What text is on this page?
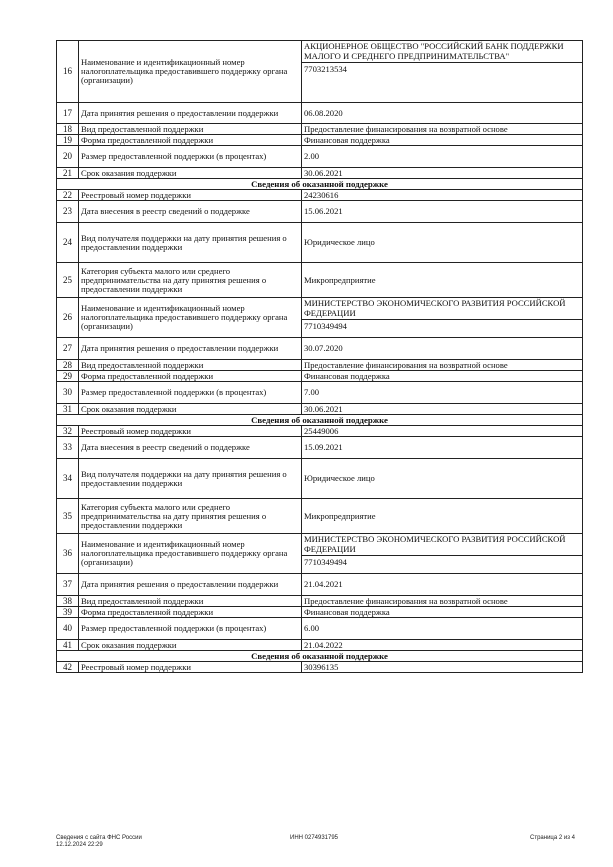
16	Наименование и идентификационный номер налогоплательщика предоставившего поддержку органа (организации)	АКЦИОНЕРНОЕ ОБЩЕСТВО "РОССИЙСКИЙ БАНК ПОДДЕРЖКИ МАЛОГО И СРЕДНЕГО ПРЕДПРИНИМАТЕЛЬСТВА"
7703213534

17	Дата принятия решения о предоставлении поддержки	06.08.2020
18	Вид предоставленной поддержки	Предоставление финансирования на возвратной основе
19	Форма предоставленной поддержки	Финансовая поддержка
20	Размер предоставленной поддержки (в процентах)	2.00
21	Срок оказания поддержки	30.06.2021
Сведения об оказанной поддержке		
22	Реестровый номер поддержки	24230616
23	Дата внесения в реестр сведений о поддержке	15.06.2021
24	Вид получателя поддержки на дату принятия решения о предоставлении поддержки	Юридическое лицо
25	Категория субъекта малого или среднего предпринимательства на дату принятия решения о предоставлении поддержки	Микропредприятие
26	Наименование и идентификационный номер налогоплательщика предоставившего поддержку органа (организации)	МИНИСТЕРСТВО ЭКОНОМИЧЕСКОГО РАЗВИТИЯ РОССИЙСКОЙ ФЕДЕРАЦИИ
7710349494

27	Дата принятия решения о предоставлении поддержки	30.07.2020
28	Вид предоставленной поддержки	Предоставление финансирования на возвратной основе
29	Форма предоставленной поддержки	Финансовая поддержка
30	Размер предоставленной поддержки (в процентах)	7.00
31	Срок оказания поддержки	30.06.2021
Сведения об оказанной поддержке		
32	Реестровый номер поддержки	25449006
33	Дата внесения в реестр сведений о поддержке	15.09.2021
34	Вид получателя поддержки на дату принятия решения о предоставлении поддержки	Юридическое лицо
35	Категория субъекта малого или среднего предпринимательства на дату принятия решения о предоставлении поддержки	Микропредприятие
36	Наименование и идентификационный номер налогоплательщика предоставившего поддержку органа (организации)	МИНИСТЕРСТВО ЭКОНОМИЧЕСКОГО РАЗВИТИЯ РОССИЙСКОЙ ФЕДЕРАЦИИ
7710349494

37	Дата принятия решения о предоставлении поддержки	21.04.2021
38	Вид предоставленной поддержки	Предоставление финансирования на возвратной основе
39	Форма предоставленной поддержки	Финансовая поддержка
40	Размер предоставленной поддержки (в процентах)	6.00
41	Срок оказания поддержки	21.04.2022
Сведения об оказанной поддержке		
42	Реестровый номер поддержки	30396135
Сведения с сайта ФНС России
12.12.2024 22:29
ИНН 0274931795	Страница 2 из 4
